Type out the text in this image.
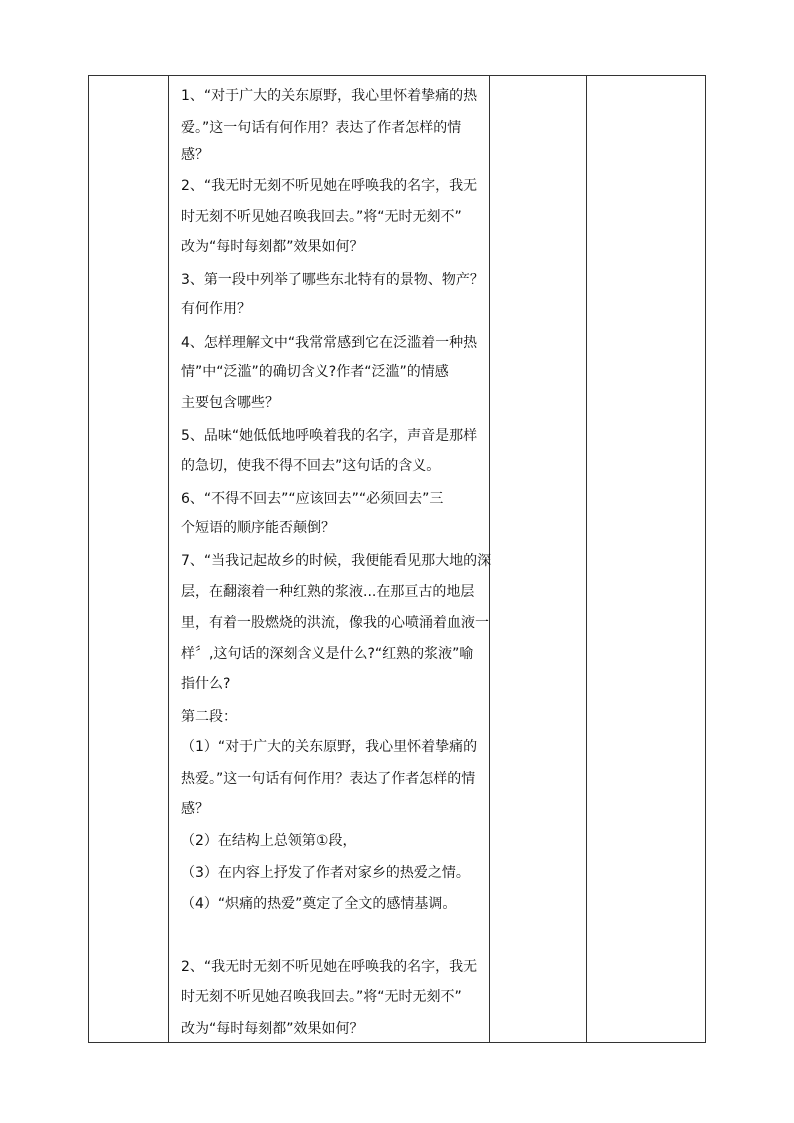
1、“对于广大的关东原野，我心里怀着挚痛的热
爱。”这一句话有何作用？表达了作者怎样的情
感？
2、“我无时无刻不听见她在呼唤我的名字，我无
时无刻不听见她召唤我回去。”将“无时无刻不”
改为“每时每刻都”效果如何？
3、第一段中列举了哪些东北特有的景物、物产？
有何作用？
4、怎样理解文中“我常常感到它在泛滥着一种热
情”中“泛滥”的确切含义?作者“泛滥”的情感
主要包含哪些？
5、品味“她低低地呼唤着我的名字，声音是那样
的急切，使我不得不回去”这句话的含义。
6、“不得不回去”“应该回去”“必须回去”三
个短语的顺序能否颠倒？
7、“当我记起故乡的时候，我便能看见那大地的深
层，在翻滚着一种红熟的浆液...在那亘古的地层
里，有着一股燃烧的洪流，像我的心喷涌着血液一
样〞,这句话的深刻含义是什么?“红熟的浆液”喻
指什么?
第二段：
（1）“对于广大的关东原野，我心里怀着挚痛的
热爱。”这一句话有何作用？表达了作者怎样的情
感？
（2）在结构上总领第①段，
（3）在内容上抒发了作者对家乡的热爱之情。
（4）“炽痛的热爱”奠定了全文的感情基调。
2、“我无时无刻不听见她在呼唤我的名字，我无
时无刻不听见她召唤我回去。”将“无时无刻不”
改为“每时每刻都”效果如何？
